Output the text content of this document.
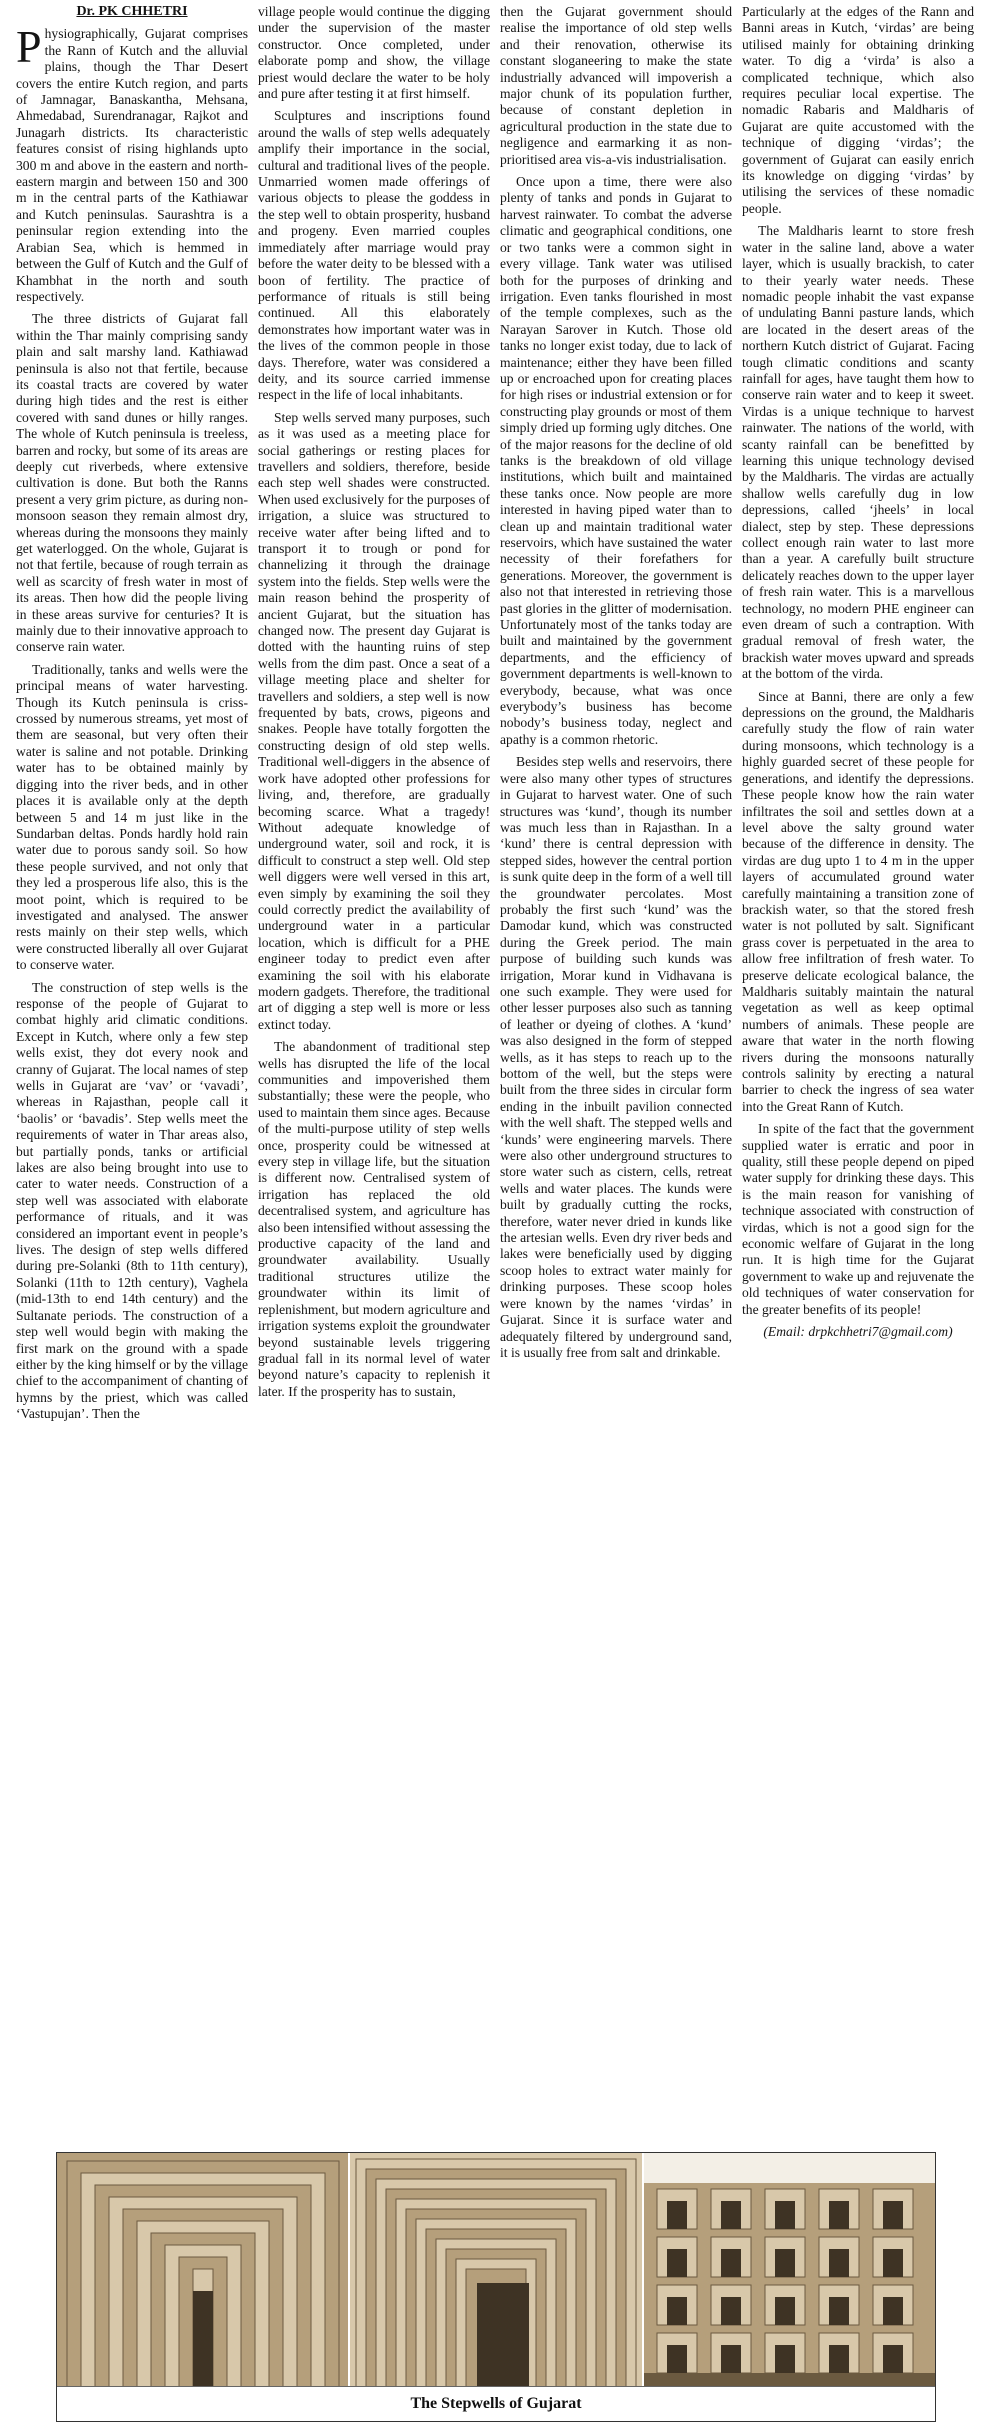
Dr. PK CHHETRI

Physiographically, Gujarat comprises the Rann of Kutch and the alluvial plains, though the Thar Desert covers the entire Kutch region, and parts of Jamnagar, Banaskantha, Mehsana, Ahmedabad, Surendranagar, Rajkot and Junagarh districts. Its characteristic features consist of rising highlands upto 300 m and above in the eastern and north-eastern margin and between 150 and 300 m in the central parts of the Kathiawar and Kutch peninsulas. Saurashtra is a peninsular region extending into the Arabian Sea, which is hemmed in between the Gulf of Kutch and the Gulf of Khambhat in the north and south respectively.

The three districts of Gujarat fall within the Thar mainly comprising sandy plain and salt marshy land. Kathiawad peninsula is also not that fertile, because its coastal tracts are covered by water during high tides and the rest is either covered with sand dunes or hilly ranges. The whole of Kutch peninsula is treeless, barren and rocky, but some of its areas are deeply cut riverbeds, where extensive cultivation is done. But both the Ranns present a very grim picture, as during non-monsoon season they remain almost dry, whereas during the monsoons they mainly get waterlogged. On the whole, Gujarat is not that fertile, because of rough terrain as well as scarcity of fresh water in most of its areas. Then how did the people living in these areas survive for centuries? It is mainly due to their innovative approach to conserve rain water.

Traditionally, tanks and wells were the principal means of water harvesting. Though its Kutch peninsula is criss-crossed by numerous streams, yet most of them are seasonal, but very often their water is saline and not potable. Drinking water has to be obtained mainly by digging into the river beds, and in other places it is available only at the depth between 5 and 14 m just like in the Sundarban deltas. Ponds hardly hold rain water due to porous sandy soil. So how these people survived, and not only that they led a prosperous life also, this is the moot point, which is required to be investigated and analysed. The answer rests mainly on their step wells, which were constructed liberally all over Gujarat to conserve water.

The construction of step wells is the response of the people of Gujarat to combat highly arid climatic conditions. Except in Kutch, where only a few step wells exist, they dot every nook and cranny of Gujarat. The local names of step wells in Gujarat are ‘vav’ or ‘vavadi’, whereas in Rajasthan, people call it ‘baolis’ or ‘bavadis’. Step wells meet the requirements of water in Thar areas also, but partially ponds, tanks or artificial lakes are also being brought into use to cater to water needs. Construction of a step well was associated with elaborate performance of rituals, and it was considered an important event in people’s lives. The design of step wells differed during pre-Solanki (8th to 11th century), Solanki (11th to 12th century), Vaghela (mid-13th to end 14th century) and the Sultanate periods. The construction of a step well would begin with making the first mark on the ground with a spade either by the king himself or by the village chief to the accompaniment of chanting of hymns by the priest, which was called ‘Vastupujan’. Then the

village people would continue the digging under the supervision of the master constructor. Once completed, under elaborate pomp and show, the village priest would declare the water to be holy and pure after testing it at first himself.

Sculptures and inscriptions found around the walls of step wells adequately amplify their importance in the social, cultural and traditional lives of the people. Unmarried women made offerings of various objects to please the goddess in the step well to obtain prosperity, husband and progeny. Even married couples immediately after marriage would pray before the water deity to be blessed with a boon of fertility. The practice of performance of rituals is still being continued. All this elaborately demonstrates how important water was in the lives of the common people in those days. Therefore, water was considered a deity, and its source carried immense respect in the life of local inhabitants.

Step wells served many purposes, such as it was used as a meeting place for social gatherings or resting places for travellers and soldiers, therefore, beside each step well shades were constructed. When used exclusively for the purposes of irrigation, a sluice was structured to receive water after being lifted and to transport it to trough or pond for channelizing it through the drainage system into the fields. Step wells were the main reason behind the prosperity of ancient Gujarat, but the situation has changed now. The present day Gujarat is dotted with the haunting ruins of step wells from the dim past. Once a seat of a village meeting place and shelter for travellers and soldiers, a step well is now frequented by bats, crows, pigeons and snakes. People have totally forgotten the constructing design of old step wells. Traditional well-diggers in the absence of work have adopted other professions for living, and, therefore, are gradually becoming scarce. What a tragedy! Without adequate knowledge of underground water, soil and rock, it is difficult to construct a step well. Old step well diggers were well versed in this art, even simply by examining the soil they could correctly predict the availability of underground water in a particular location, which is difficult for a PHE engineer today to predict even after examining the soil with his elaborate modern gadgets. Therefore, the traditional art of digging a step well is more or less extinct today.

The abandonment of traditional step wells has disrupted the life of the local communities and impoverished them substantially; these were the people, who used to maintain them since ages. Because of the multi-purpose utility of step wells once, prosperity could be witnessed at every step in village life, but the situation is different now. Centralised system of irrigation has replaced the old decentralised system, and agriculture has also been intensified without assessing the productive capacity of the land and groundwater availability. Usually traditional structures utilize the groundwater within its limit of replenishment, but modern agriculture and irrigation systems exploit the groundwater beyond sustainable levels triggering gradual fall in its normal level of water beyond nature’s capacity to replenish it later. If the prosperity has to sustain,

then the Gujarat government should realise the importance of old step wells and their renovation, otherwise its constant sloganeering to make the state industrially advanced will impoverish a major chunk of its population further, because of constant depletion in agricultural production in the state due to negligence and earmarking it as non-prioritised area vis-a-vis industrialisation.

Once upon a time, there were also plenty of tanks and ponds in Gujarat to harvest rainwater. To combat the adverse climatic and geographical conditions, one or two tanks were a common sight in every village. Tank water was utilised both for the purposes of drinking and irrigation. Even tanks flourished in most of the temple complexes, such as the Narayan Sarover in Kutch. Those old tanks no longer exist today, due to lack of maintenance; either they have been filled up or encroached upon for creating places for high rises or industrial extension or for constructing play grounds or most of them simply dried up forming ugly ditches. One of the major reasons for the decline of old tanks is the breakdown of old village institutions, which built and maintained these tanks once. Now people are more interested in having piped water than to clean up and maintain traditional water reservoirs, which have sustained the water necessity of their forefathers for generations. Moreover, the government is also not that interested in retrieving those past glories in the glitter of modernisation. Unfortunately most of the tanks today are built and maintained by the government departments, and the efficiency of government departments is well-known to everybody, because, what was once everybody’s business has become nobody’s business today, neglect and apathy is a common rhetoric.

Besides step wells and reservoirs, there were also many other types of structures in Gujarat to harvest water. One of such structures was ‘kund’, though its number was much less than in Rajasthan. In a ‘kund’ there is central depression with stepped sides, however the central portion is sunk quite deep in the form of a well till the groundwater percolates. Most probably the first such ‘kund’ was the Damodar kund, which was constructed during the Greek period. The main purpose of building such kunds was irrigation, Morar kund in Vidhavana is one such example. They were used for other lesser purposes also such as tanning of leather or dyeing of clothes. A ‘kund’ was also designed in the form of stepped wells, as it has steps to reach up to the bottom of the well, but the steps were built from the three sides in circular form ending in the inbuilt pavilion connected with the well shaft. The stepped wells and ‘kunds’ were engineering marvels. There were also other underground structures to store water such as cistern, cells, retreat wells and water places. The kunds were built by gradually cutting the rocks, therefore, water never dried in kunds like the artesian wells. Even dry river beds and lakes were beneficially used by digging scoop holes to extract water mainly for drinking purposes. These scoop holes were known by the names ‘virdas’ in Gujarat. Since it is surface water and adequately filtered by underground sand, it is usually free from salt and drinkable.

Particularly at the edges of the Rann and Banni areas in Kutch, ‘virdas’ are being utilised mainly for obtaining drinking water. To dig a ‘virda’ is also a complicated technique, which also requires peculiar local expertise. The nomadic Rabaris and Maldharis of Gujarat are quite accustomed with the technique of digging ‘virdas’; the government of Gujarat can easily enrich its knowledge on digging ‘virdas’ by utilising the services of these nomadic people.

The Maldharis learnt to store fresh water in the saline land, above a water layer, which is usually brackish, to cater to their yearly water needs. These nomadic people inhabit the vast expanse of undulating Banni pasture lands, which are located in the desert areas of the northern Kutch district of Gujarat. Facing tough climatic conditions and scanty rainfall for ages, have taught them how to conserve rain water and to keep it sweet. Virdas is a unique technique to harvest rainwater. The nations of the world, with scanty rainfall can be benefitted by learning this unique technology devised by the Maldharis. The virdas are actually shallow wells carefully dug in low depressions, called ‘jheels’ in local dialect, step by step. These depressions collect enough rain water to last more than a year. A carefully built structure delicately reaches down to the upper layer of fresh rain water. This is a marvellous technology, no modern PHE engineer can even dream of such a contraption. With gradual removal of fresh water, the brackish water moves upward and spreads at the bottom of the virda.

Since at Banni, there are only a few depressions on the ground, the Maldharis carefully study the flow of rain water during monsoons, which technology is a highly guarded secret of these people for generations, and identify the depressions. These people know how the rain water infiltrates the soil and settles down at a level above the salty ground water because of the difference in density. The virdas are dug upto 1 to 4 m in the upper layers of accumulated ground water carefully maintaining a transition zone of brackish water, so that the stored fresh water is not polluted by salt. Significant grass cover is perpetuated in the area to allow free infiltration of fresh water. To preserve delicate ecological balance, the Maldharis suitably maintain the natural vegetation as well as keep optimal numbers of animals. These people are aware that water in the north flowing rivers during the monsoons naturally controls salinity by erecting a natural barrier to check the ingress of sea water into the Great Rann of Kutch.

In spite of the fact that the government supplied water is erratic and poor in quality, still these people depend on piped water supply for drinking these days. This is the main reason for vanishing of technique associated with construction of virdas, which is not a good sign for the economic welfare of Gujarat in the long run. It is high time for the Gujarat government to wake up and rejuvenate the old techniques of water conservation for the greater benefits of its people!

(Email: drpkchhetri7@gmail.com)

The Stepwells of Gujarat
